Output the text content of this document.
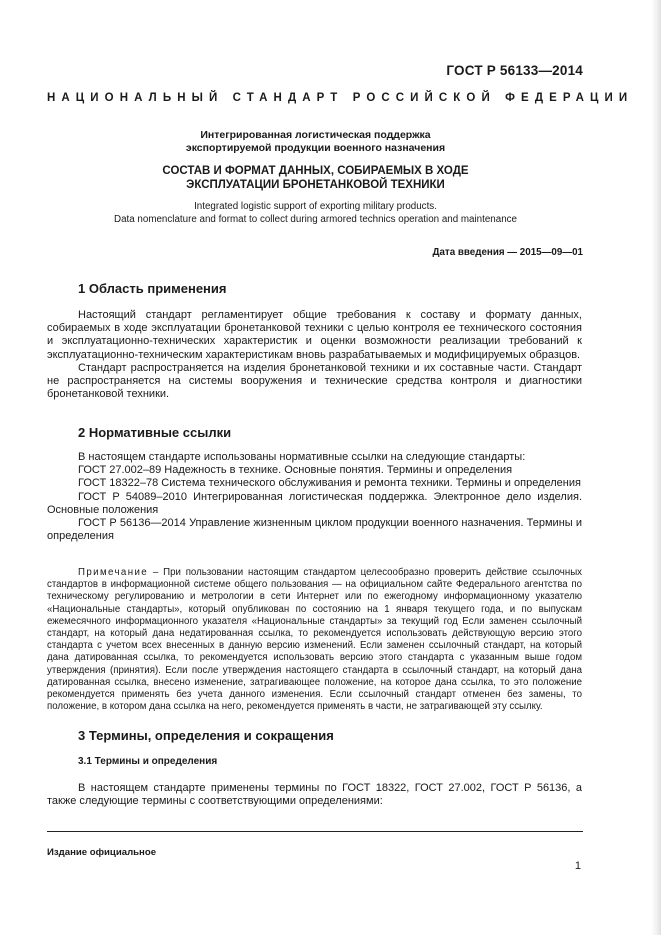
ГОСТ Р 56133—2014
НАЦИОНАЛЬНЫЙ СТАНДАРТ РОССИЙСКОЙ ФЕДЕРАЦИИ
Интегрированная логистическая поддержка
экспортируемой продукции военного назначения
СОСТАВ И ФОРМАТ ДАННЫХ, СОБИРАЕМЫХ В ХОДЕ
ЭКСПЛУАТАЦИИ БРОНЕТАНКОВОЙ ТЕХНИКИ
Integrated logistic support of exporting military products.
Data nomenclature and format to collect during armored technics operation and maintenance
Дата введения — 2015—09—01
1 Область применения

Настоящий стандарт регламентирует общие требования к составу и формату данных, собираемых в ходе эксплуатации бронетанковой техники с целью контроля ее технического состояния и эксплуатационно-технических характеристик и оценки возможности реализации требований к эксплуатационно-техническим характеристикам вновь разрабатываемых и модифицируемых образцов.

Стандарт распространяется на изделия бронетанковой техники и их составные части. Стандарт не распространяется на системы вооружения и технические средства контроля и диагностики бронетанковой техники.

2 Нормативные ссылки

В настоящем стандарте использованы нормативные ссылки на следующие стандарты:

ГОСТ 27.002–89 Надежность в технике. Основные понятия. Термины и определения

ГОСТ 18322–78 Система технического обслуживания и ремонта техники. Термины и определения

ГОСТ Р 54089–2010 Интегрированная логистическая поддержка. Электронное дело изделия. Основные положения

ГОСТ Р 56136—2014 Управление жизненным циклом продукции военного назначения. Термины и определения

Примечание – При пользовании настоящим стандартом целесообразно проверить действие ссылочных стандартов в информационной системе общего пользования — на официальном сайте Федерального агентства по техническому регулированию и метрологии в сети Интернет или по ежегодному информационному указателю «Национальные стандарты», который опубликован по состоянию на 1 января текущего года, и по выпускам ежемесячного информационного указателя «Национальные стандарты» за текущий год Если заменен ссылочный стандарт, на который дана недатированная ссылка, то рекомендуется использовать действующую версию этого стандарта с учетом всех внесенных в данную версию изменений. Если заменен ссылочный стандарт, на который дана датированная ссылка, то рекомендуется использовать версию этого стандарта с указанным выше годом утверждения (принятия). Если после утверждения настоящего стандарта в ссылочный стандарт, на который дана датированная ссылка, внесено изменение, затрагивающее положение, на которое дана ссылка, то это положение рекомендуется применять без учета данного изменения. Если ссылочный стандарт отменен без замены, то положение, в котором дана ссылка на него, рекомендуется применять в части, не затрагивающей эту ссылку.

3 Термины, определения и сокращения
3.1 Термины и определения

В настоящем стандарте применены термины по ГОСТ 18322, ГОСТ 27.002, ГОСТ Р 56136, а также следующие термины с соответствующими определениями:

Издание официальное
1
